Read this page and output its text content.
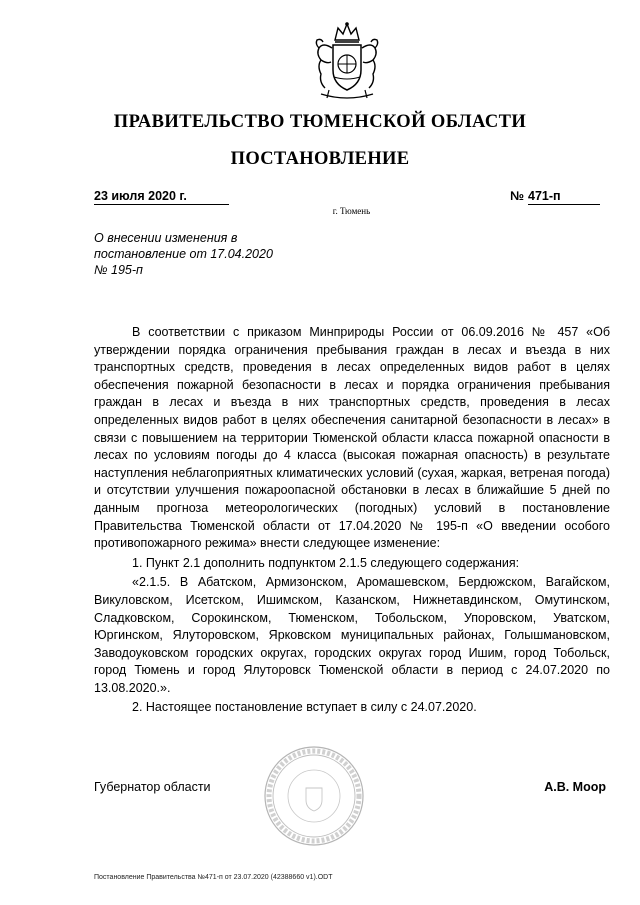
ПРАВИТЕЛЬСТВО ТЮМЕНСКОЙ ОБЛАСТИ
ПОСТАНОВЛЕНИЕ
23 июля 2020 г.	№ 471-п
г. Тюмень
О внесении изменения в
постановление от 17.04.2020
№ 195-п

В соответствии с приказом Минприроды России от 06.09.2016 № 457 «Об утверждении порядка ограничения пребывания граждан в лесах и въезда в них транспортных средств, проведения в лесах определенных видов работ в целях обеспечения пожарной безопасности в лесах и порядка ограничения пребывания граждан в лесах и въезда в них транспортных средств, проведения в лесах определенных видов работ в целях обеспечения санитарной безопасности в лесах» в связи с повышением на территории Тюменской области класса пожарной опасности в лесах по условиям погоды до 4 класса (высокая пожарная опасность) в результате наступления неблагоприятных климатических условий (сухая, жаркая, ветреная погода) и отсутствии улучшения пожароопасной обстановки в лесах в ближайшие 5 дней по данным прогноза метеорологических (погодных) условий в постановление Правительства Тюменской области от 17.04.2020 № 195-п «О введении особого противопожарного режима» внести следующее изменение:

1. Пункт 2.1 дополнить подпунктом 2.1.5 следующего содержания:

«2.1.5. В Абатском, Армизонском, Аромашевском, Бердюжском, Вагайском, Викуловском, Исетском, Ишимском, Казанском, Нижнетавдинском, Омутинском, Сладковском, Сорокинском, Тюменском, Тобольском, Упоровском, Уватском, Юргинском, Ялуторовском, Ярковском муниципальных районах, Голышмановском, Заводоуковском городских округах, городских округах город Ишим, город Тобольск, город Тюмень и город Ялуторовск Тюменской области в период с 24.07.2020 по 13.08.2020.».

2. Настоящее постановление вступает в силу с 24.07.2020.

Губернатор области	А.В. Моор
Постановление Правительства №471-п от 23.07.2020 (42388660 v1).ODT
